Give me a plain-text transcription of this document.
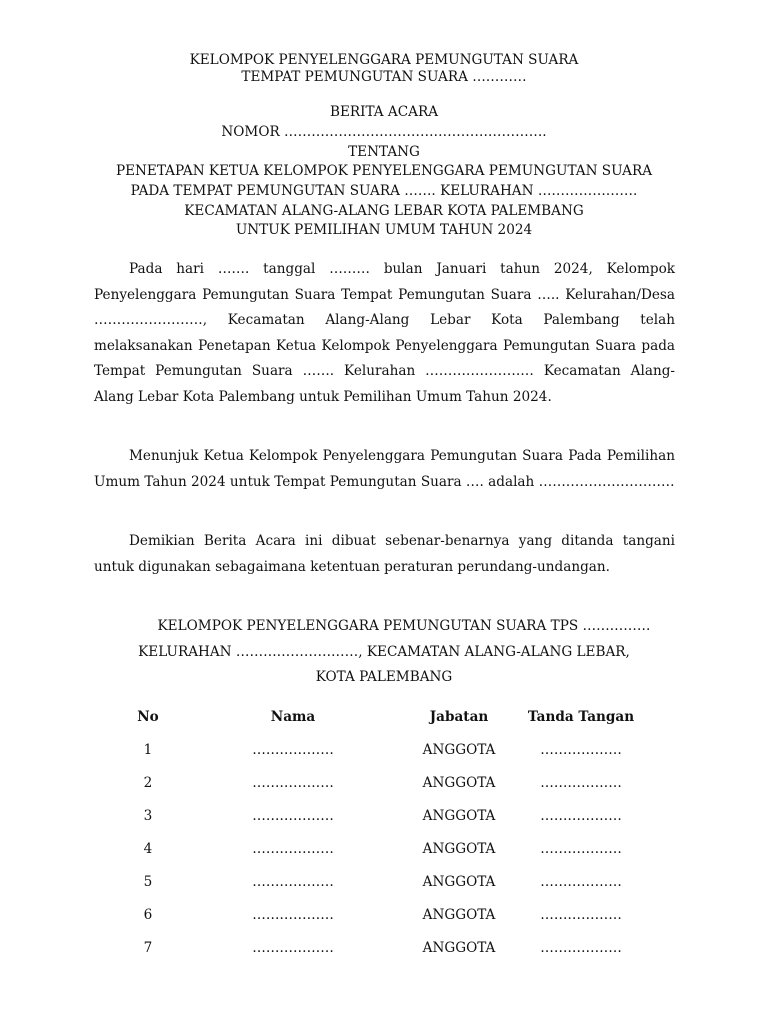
KELOMPOK PENYELENGGARA PEMUNGUTAN SUARA
TEMPAT PEMUNGUTAN SUARA …………
BERITA ACARA
NOMOR ………………………………………………….
TENTANG
PENETAPAN KETUA KELOMPOK PENYELENGGARA PEMUNGUTAN SUARA
PADA TEMPAT PEMUNGUTAN SUARA ……. KELURAHAN ………………….
KECAMATAN ALANG-ALANG LEBAR KOTA PALEMBANG
UNTUK PEMILIHAN UMUM TAHUN 2024

Pada hari ……. tanggal ……… bulan Januari tahun 2024, Kelompok Penyelenggara Pemungutan Suara Tempat Pemungutan Suara ….. Kelurahan/Desa ……………………, Kecamatan Alang-Alang Lebar Kota Palembang telah melaksanakan Penetapan Ketua Kelompok Penyelenggara Pemungutan Suara pada Tempat Pemungutan Suara ……. Kelurahan …………………… Kecamatan Alang-Alang Lebar Kota Palembang untuk Pemilihan Umum Tahun 2024.

Menunjuk Ketua Kelompok Penyelenggara Pemungutan Suara Pada Pemilihan Umum Tahun 2024 untuk Tempat Pemungutan Suara …. adalah …………………………

Demikian Berita Acara ini dibuat sebenar-benarnya yang ditanda tangani untuk digunakan sebagaimana ketentuan peraturan perundang-undangan.

KELOMPOK PENYELENGGARA PEMUNGUTAN SUARA TPS ……………
KELURAHAN ………………………, KECAMATAN ALANG-ALANG LEBAR,
KOTA PALEMBANG
No	Nama	Jabatan	Tanda Tangan
1	………………	ANGGOTA	………………
2	………………	ANGGOTA	………………
3	………………	ANGGOTA	………………
4	………………	ANGGOTA	………………
5	………………	ANGGOTA	………………
6	………………	ANGGOTA	………………
7	………………	ANGGOTA	………………
